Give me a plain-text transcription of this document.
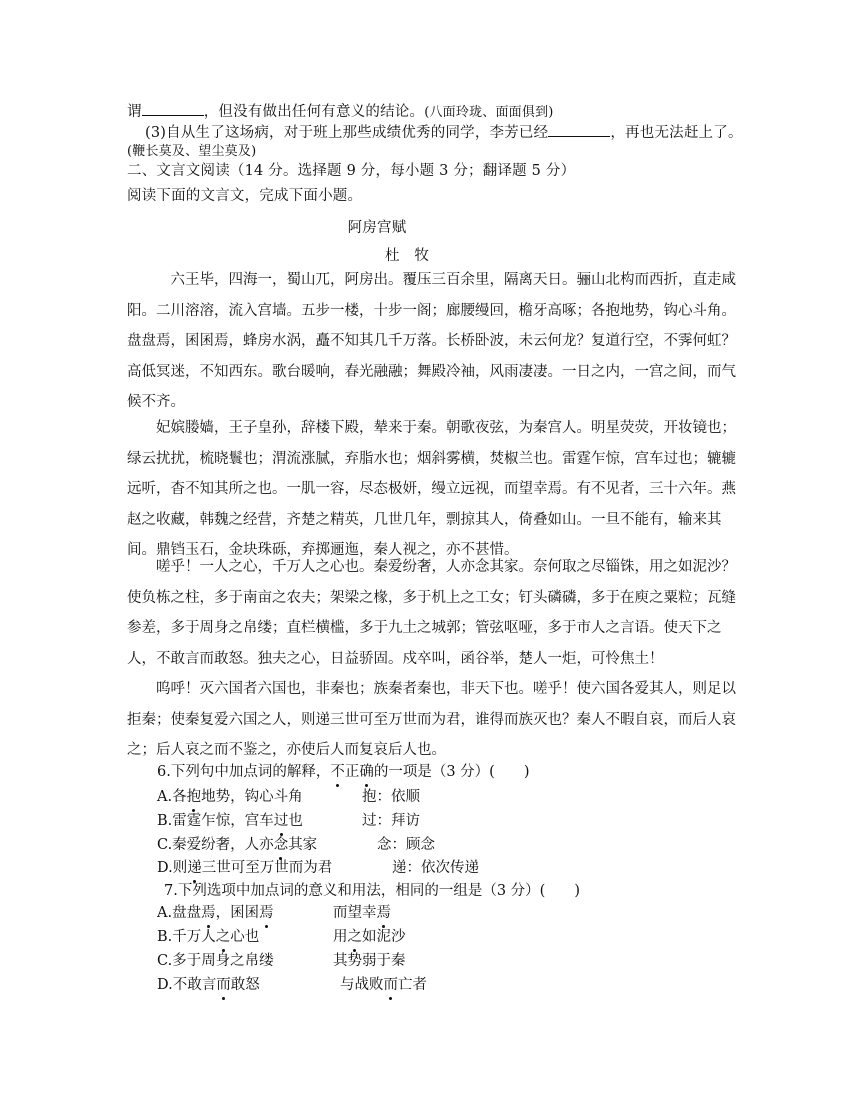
谓	，但没有做出任何有意义的结论。(八面玲珑、面面俱到)
(3)自从生了这场病，对于班上那些成绩优秀的同学，李芳已经	，再也无法赶上了。
(鞭长莫及、望尘莫及)
二、文言文阅读（14 分。选择题 9 分，每小题 3 分；翻译题 5 分）
阅读下面的文言文，完成下面小题。
阿房宫赋
杜　牧
六王毕，四海一，蜀山兀，阿房出。覆压三百余里，隔离天日。骊山北构而西折，直走咸阳。二川溶溶，流入宫墙。五步一楼，十步一阁；廊腰缦回，檐牙高啄；各抱地势，钩心斗角。盘盘焉，囷囷焉，蜂房水涡，矗不知其几千万落。长桥卧波，未云何龙？复道行空，不霁何虹？高低冥迷，不知西东。歌台暖响，春光融融；舞殿冷袖，风雨凄凄。一日之内，一宫之间，而气候不齐。
妃嫔媵嫱，王子皇孙，辞楼下殿，辇来于秦。朝歌夜弦，为秦宫人。明星荧荧，开妆镜也；绿云扰扰，梳晓鬟也；渭流涨腻，弃脂水也；烟斜雾横，焚椒兰也。雷霆乍惊，宫车过也；辘辘远听，杳不知其所之也。一肌一容，尽态极妍，缦立远视，而望幸焉。有不见者，三十六年。燕赵之收藏，韩魏之经营，齐楚之精英，几世几年，剽掠其人，倚叠如山。一旦不能有，输来其间。鼎铛玉石，金块珠砾，弃掷逦迤，秦人视之，亦不甚惜。
嗟乎！一人之心，千万人之心也。秦爱纷奢，人亦念其家。奈何取之尽锱铢，用之如泥沙？使负栋之柱，多于南亩之农夫；架梁之椽，多于机上之工女；钉头磷磷，多于在庾之粟粒；瓦缝参差，多于周身之帛缕；直栏横槛，多于九土之城郭；管弦呕哑，多于市人之言语。使天下之人，不敢言而敢怒。独夫之心，日益骄固。戍卒叫，函谷举，楚人一炬，可怜焦土！
呜呼！灭六国者六国也，非秦也；族秦者秦也，非天下也。嗟乎！使六国各爱其人，则足以拒秦；使秦复爱六国之人，则递三世可至万世而为君，谁得而族灭也？秦人不暇自哀，而后人哀之；后人哀之而不鉴之，亦使后人而复哀后人也。
6.下列句中加点词的解释，不正确的一项是（3 分）(　　)
A.各抱地势，钩心斗角	抱：依顺
B.雷霆乍惊，宫车过也	过：拜访
C.秦爱纷奢，人亦念其家	念：顾念
D.则递三世可至万世而为君	递：依次传递
7.下列选项中加点词的意义和用法，相同的一组是（3 分）(　　)
A.盘盘焉，囷囷焉	而望幸焉
B.千万人之心也	用之如泥沙
C.多于周身之帛缕	其势弱于秦
D.不敢言而敢怒	与战败而亡者
